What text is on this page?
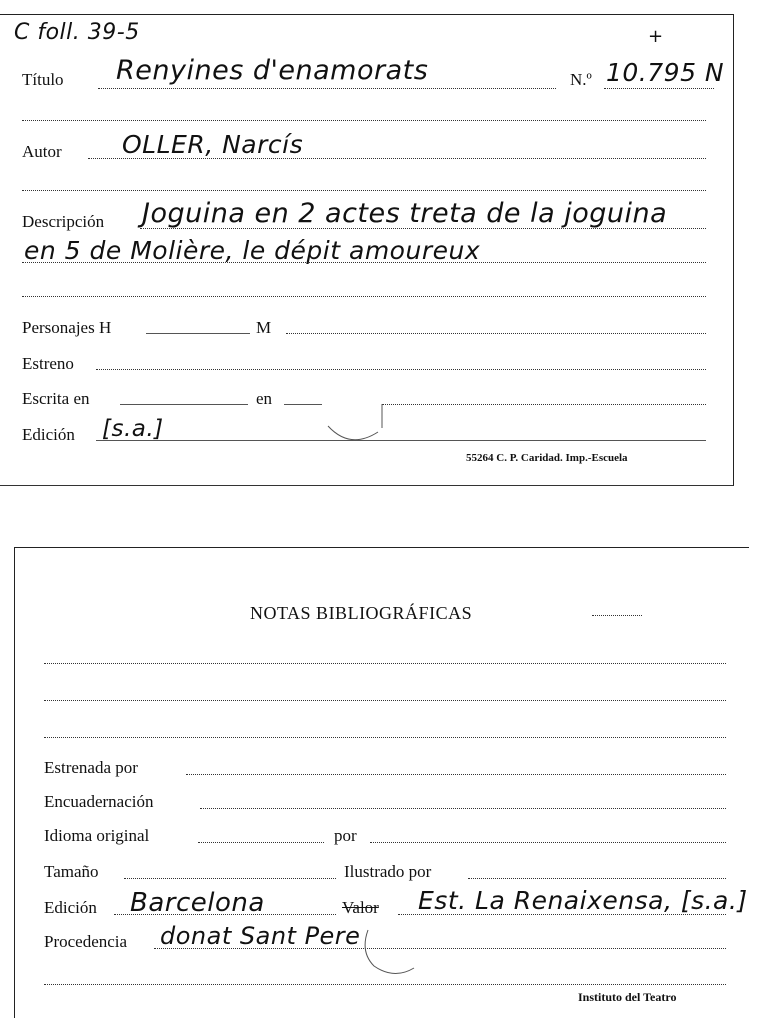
C foll. 39-5	+
Título Renyines d'enamorats	N.º 10.795 N
Autor OLLER, Narcís
Descripción Joguina en 2 actes treta de la joguina
en 5 de Molière, le dépit amoureux
Personajes H	M
Estreno
Escrita en	en
Edición [s.a.]
55264 C. P. Caridad. Imp.-Escuela
NOTAS BIBLIOGRÁFICAS
Estrenada por
Encuadernación
Idioma original	por
Tamaño	Ilustrado por
Edición Barcelona	Valor Est. La Renaixensa, [s.a.]
Procedencia donat Sant Pere
Instituto del Teatro
